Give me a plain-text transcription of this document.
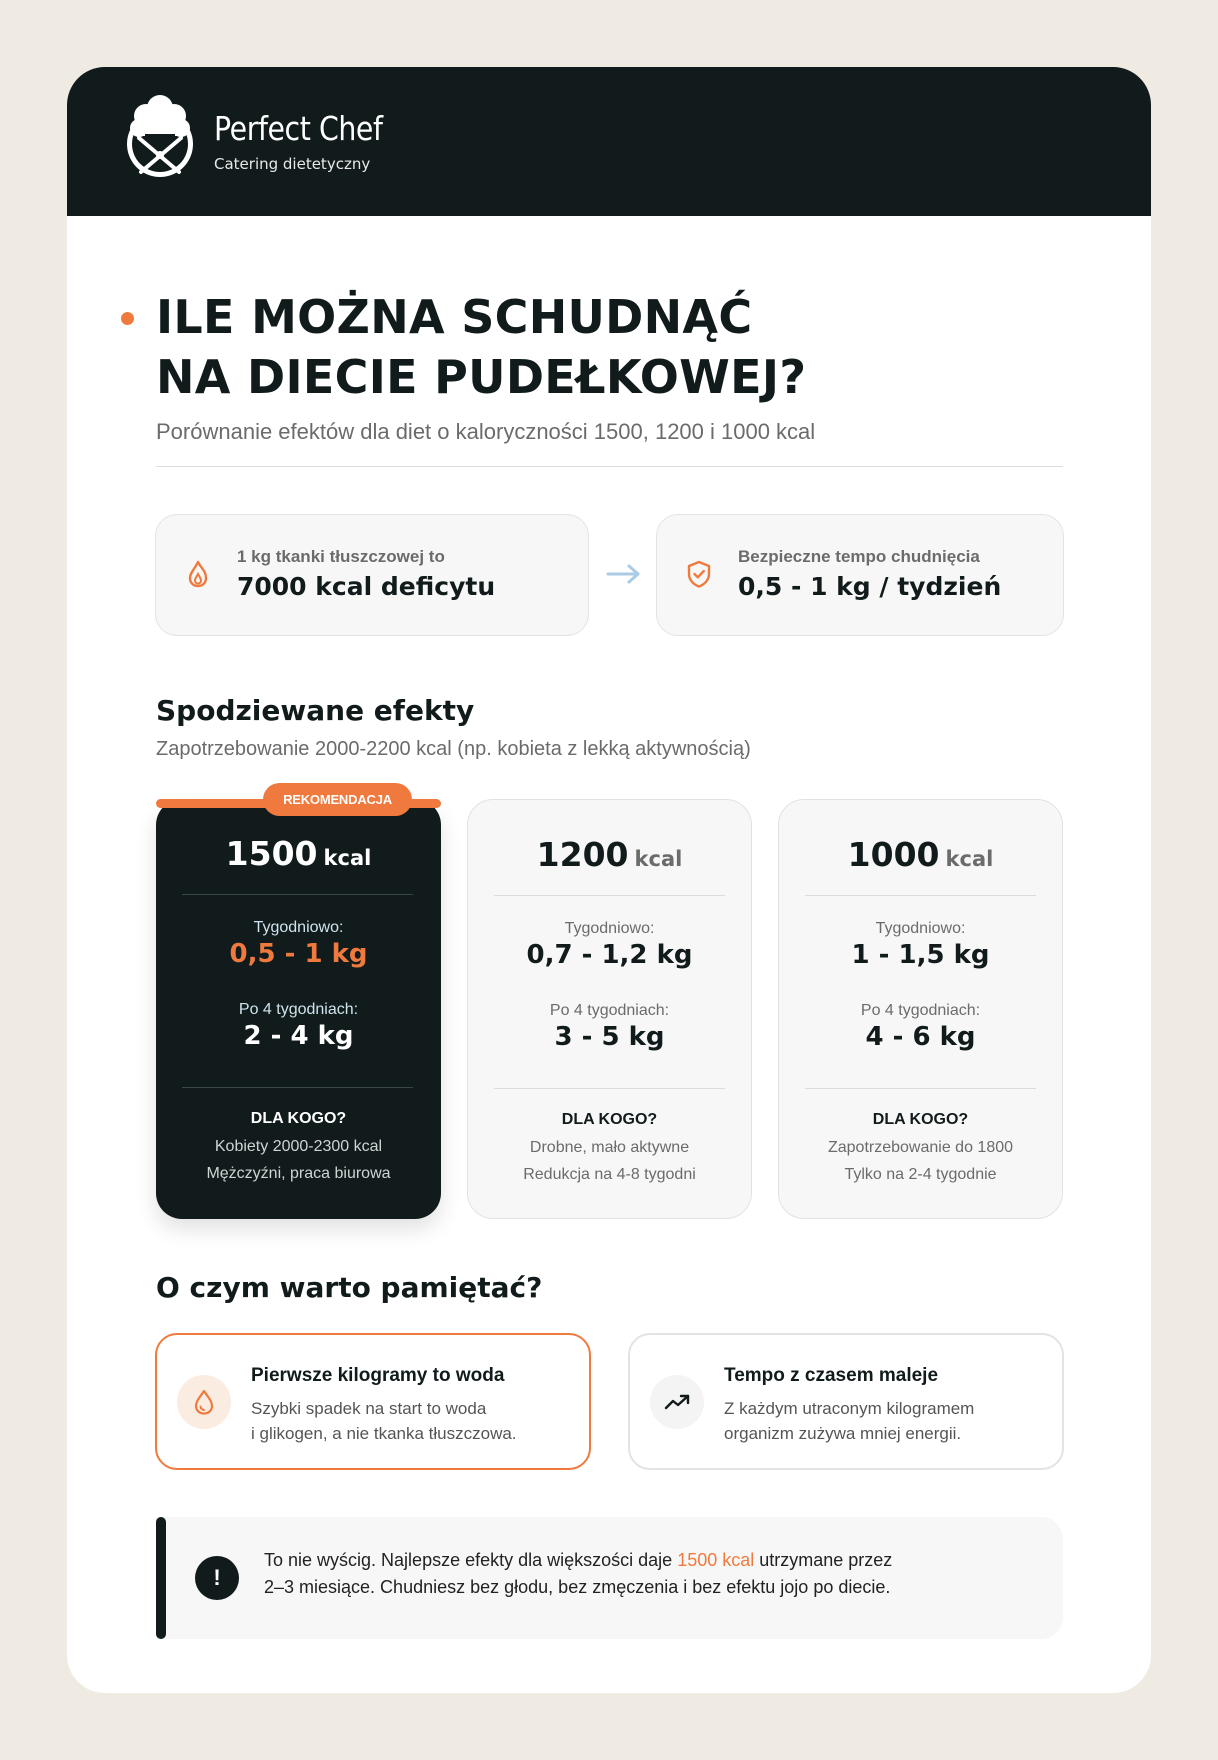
Perfect Chef
Catering dietetyczny
ILE MOŻNA SCHUDNĄĆ
NA DIECIE PUDEŁKOWEJ?
Porównanie efektów dla diet o kaloryczności 1500, 1200 i 1000 kcal
1 kg tkanki tłuszczowej to
7000 kcal deficytu
Bezpieczne tempo chudnięcia
0,5 - 1 kg / tydzień
Spodziewane efekty
Zapotrzebowanie 2000-2200 kcal (np. kobieta z lekką aktywnością)
1500 kcal
Tygodniowo:
0,5 - 1 kg
Po 4 tygodniach:
2 - 4 kg
DLA KOGO?
Kobiety 2000-2300 kcal
Mężczyźni, praca biurowa
REKOMENDACJA
1200 kcal
Tygodniowo:
0,7 - 1,2 kg
Po 4 tygodniach:
3 - 5 kg
DLA KOGO?
Drobne, mało aktywne
Redukcja na 4-8 tygodni
1000 kcal
Tygodniowo:
1 - 1,5 kg
Po 4 tygodniach:
4 - 6 kg
DLA KOGO?
Zapotrzebowanie do 1800
Tylko na 2-4 tygodnie
O czym warto pamiętać?
Pierwsze kilogramy to woda
Szybki spadek na start to woda
i glikogen, a nie tkanka tłuszczowa.
Tempo z czasem maleje
Z każdym utraconym kilogramem
organizm zużywa mniej energii.
!
To nie wyścig. Najlepsze efekty dla większości daje 1500 kcal utrzymane przez
2–3 miesiące. Chudniesz bez głodu, bez zmęczenia i bez efektu jojo po diecie.
